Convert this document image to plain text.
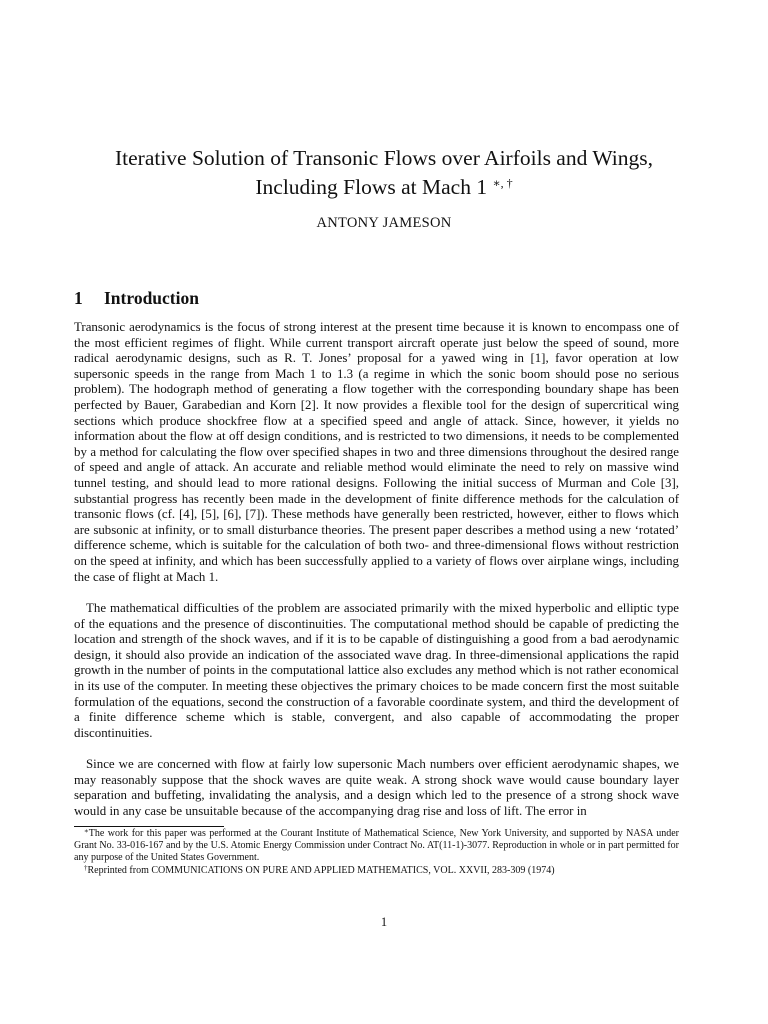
Iterative Solution of Transonic Flows over Airfoils and Wings,
Including Flows at Mach 1 ∗, †
ANTONY JAMESON
1 Introduction
Transonic aerodynamics is the focus of strong interest at the present time because it is known to encompass one of the most efficient regimes of flight. While current transport aircraft operate just below the speed of sound, more radical aerodynamic designs, such as R. T. Jones’ proposal for a yawed wing in [1], favor operation at low supersonic speeds in the range from Mach 1 to 1.3 (a regime in which the sonic boom should pose no serious problem). The hodograph method of generating a flow together with the corresponding boundary shape has been perfected by Bauer, Garabedian and Korn [2]. It now provides a flexible tool for the design of supercritical wing sections which produce shockfree flow at a specified speed and angle of attack. Since, however, it yields no information about the flow at off design conditions, and is restricted to two dimensions, it needs to be complemented by a method for calculating the flow over specified shapes in two and three dimensions throughout the desired range of speed and angle of attack. An accurate and reliable method would eliminate the need to rely on massive wind tunnel testing, and should lead to more rational designs. Following the initial success of Murman and Cole [3], substantial progress has recently been made in the development of finite difference methods for the calculation of transonic flows (cf. [4], [5], [6], [7]). These methods have generally been restricted, however, either to flows which are subsonic at infinity, or to small disturbance theories. The present paper describes a method using a new ‘rotated’ difference scheme, which is suitable for the calculation of both two- and three-dimensional flows without restriction on the speed at infinity, and which has been successfully applied to a variety of flows over airplane wings, including the case of flight at Mach 1.
The mathematical difficulties of the problem are associated primarily with the mixed hyperbolic and elliptic type of the equations and the presence of discontinuities. The computational method should be capable of predicting the location and strength of the shock waves, and if it is to be capable of distinguishing a good from a bad aerodynamic design, it should also provide an indication of the associated wave drag. In three-dimensional applications the rapid growth in the number of points in the computational lattice also excludes any method which is not rather economical in its use of the computer. In meeting these objectives the primary choices to be made concern first the most suitable formulation of the equations, second the construction of a favorable coordinate system, and third the development of a finite difference scheme which is stable, convergent, and also capable of accommodating the proper discontinuities.
Since we are concerned with flow at fairly low supersonic Mach numbers over efficient aerodynamic shapes, we may reasonably suppose that the shock waves are quite weak. A strong shock wave would cause boundary layer separation and buffeting, invalidating the analysis, and a design which led to the presence of a strong shock wave would in any case be unsuitable because of the accompanying drag rise and loss of lift. The error in
∗The work for this paper was performed at the Courant Institute of Mathematical Science, New York University, and supported by NASA under Grant No. 33-016-167 and by the U.S. Atomic Energy Commission under Contract No. AT(11-1)-3077. Reproduction in whole or in part permitted for any purpose of the United States Government.
†Reprinted from COMMUNICATIONS ON PURE AND APPLIED MATHEMATICS, VOL. XXVII, 283-309 (1974)
1
